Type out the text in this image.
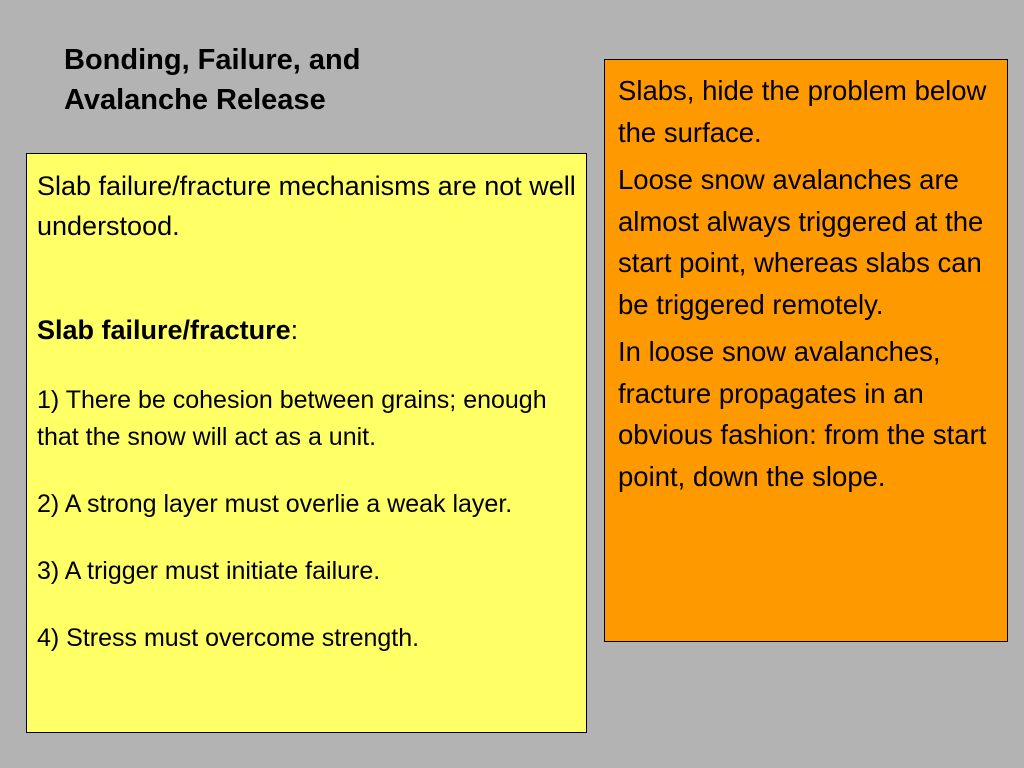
Bonding, Failure, and
Avalanche Release

Slab failure/fracture mechanisms are not well understood.

Slab failure/fracture:

1) There be cohesion between grains; enough that the snow will act as a unit.

2) A strong layer must overlie a weak layer.

3) A trigger must initiate failure.

4) Stress must overcome strength.

Slabs, hide the problem below the surface.

Loose snow avalanches are almost always triggered at the start point, whereas slabs can be triggered remotely.

In loose snow avalanches, fracture propagates in an obvious fashion: from the start point, down the slope.
